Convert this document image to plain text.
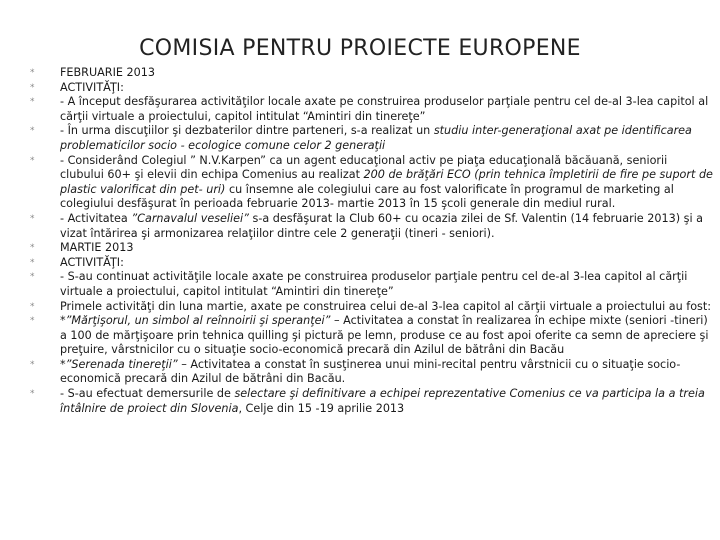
COMISIA PENTRU PROIECTE EUROPENE
* FEBRUARIE 2013
* ACTIVITĂŢI:
* - A început desfăşurarea activităţilor locale axate pe construirea produselor parţiale pentru cel de-al 3-lea capitol al cărţii virtuale a proiectului, capitol intitulat “Amintiri din tinereţe”
* - În urma discuţiilor şi dezbaterilor dintre parteneri, s-a realizat un studiu inter-generaţional axat pe identificarea problematicilor socio - ecologice comune celor 2 generaţii
* - Considerând Colegiul ” N.V.Karpen” ca un agent educaţional activ pe piaţa educaţională băcăuană, seniorii clubului 60+ şi elevii din echipa Comenius au realizat 200 de brăţări ECO (prin tehnica împletirii de fire pe suport de plastic valorificat din pet- uri) cu însemne ale colegiului care au fost valorificate în programul de marketing al colegiului desfăşurat în perioada februarie 2013- martie 2013 în 15 şcoli generale din mediul rural.
* - Activitatea ”Carnavalul veseliei” s-a desfăşurat la Club 60+ cu ocazia zilei de Sf. Valentin (14 februarie 2013) şi a vizat întărirea şi armonizarea relaţiilor dintre cele 2 generaţii (tineri - seniori).
* MARTIE 2013
* ACTIVITĂŢI:
* - S-au continuat activităţile locale axate pe construirea produselor parţiale pentru cel de-al 3-lea capitol al cărţii virtuale a proiectului, capitol intitulat “Amintiri din tinereţe”
* Primele activităţi din luna martie, axate pe construirea celui de-al 3-lea capitol al cărţii virtuale a proiectului au fost:
* *”Mărţişorul, un simbol al reînnoirii şi speranţei” – Activitatea a constat în realizarea în echipe mixte (seniori -tineri) a 100 de mărţişoare prin tehnica quilling şi pictură pe lemn, produse ce au fost apoi oferite ca semn de apreciere şi preţuire, vârstnicilor cu o situaţie socio-economică precară din Azilul de bătrâni din Bacău
* *”Serenada tinereţii” – Activitatea a constat în susţinerea unui mini-recital pentru vârstnicii cu o situaţie socio-economică precară din Azilul de bătrâni din Bacău.
* - S-au efectuat demersurile de selectare şi definitivare a echipei reprezentative Comenius ce va participa la a treia întâlnire de proiect din Slovenia, Celje din 15 -19 aprilie 2013
